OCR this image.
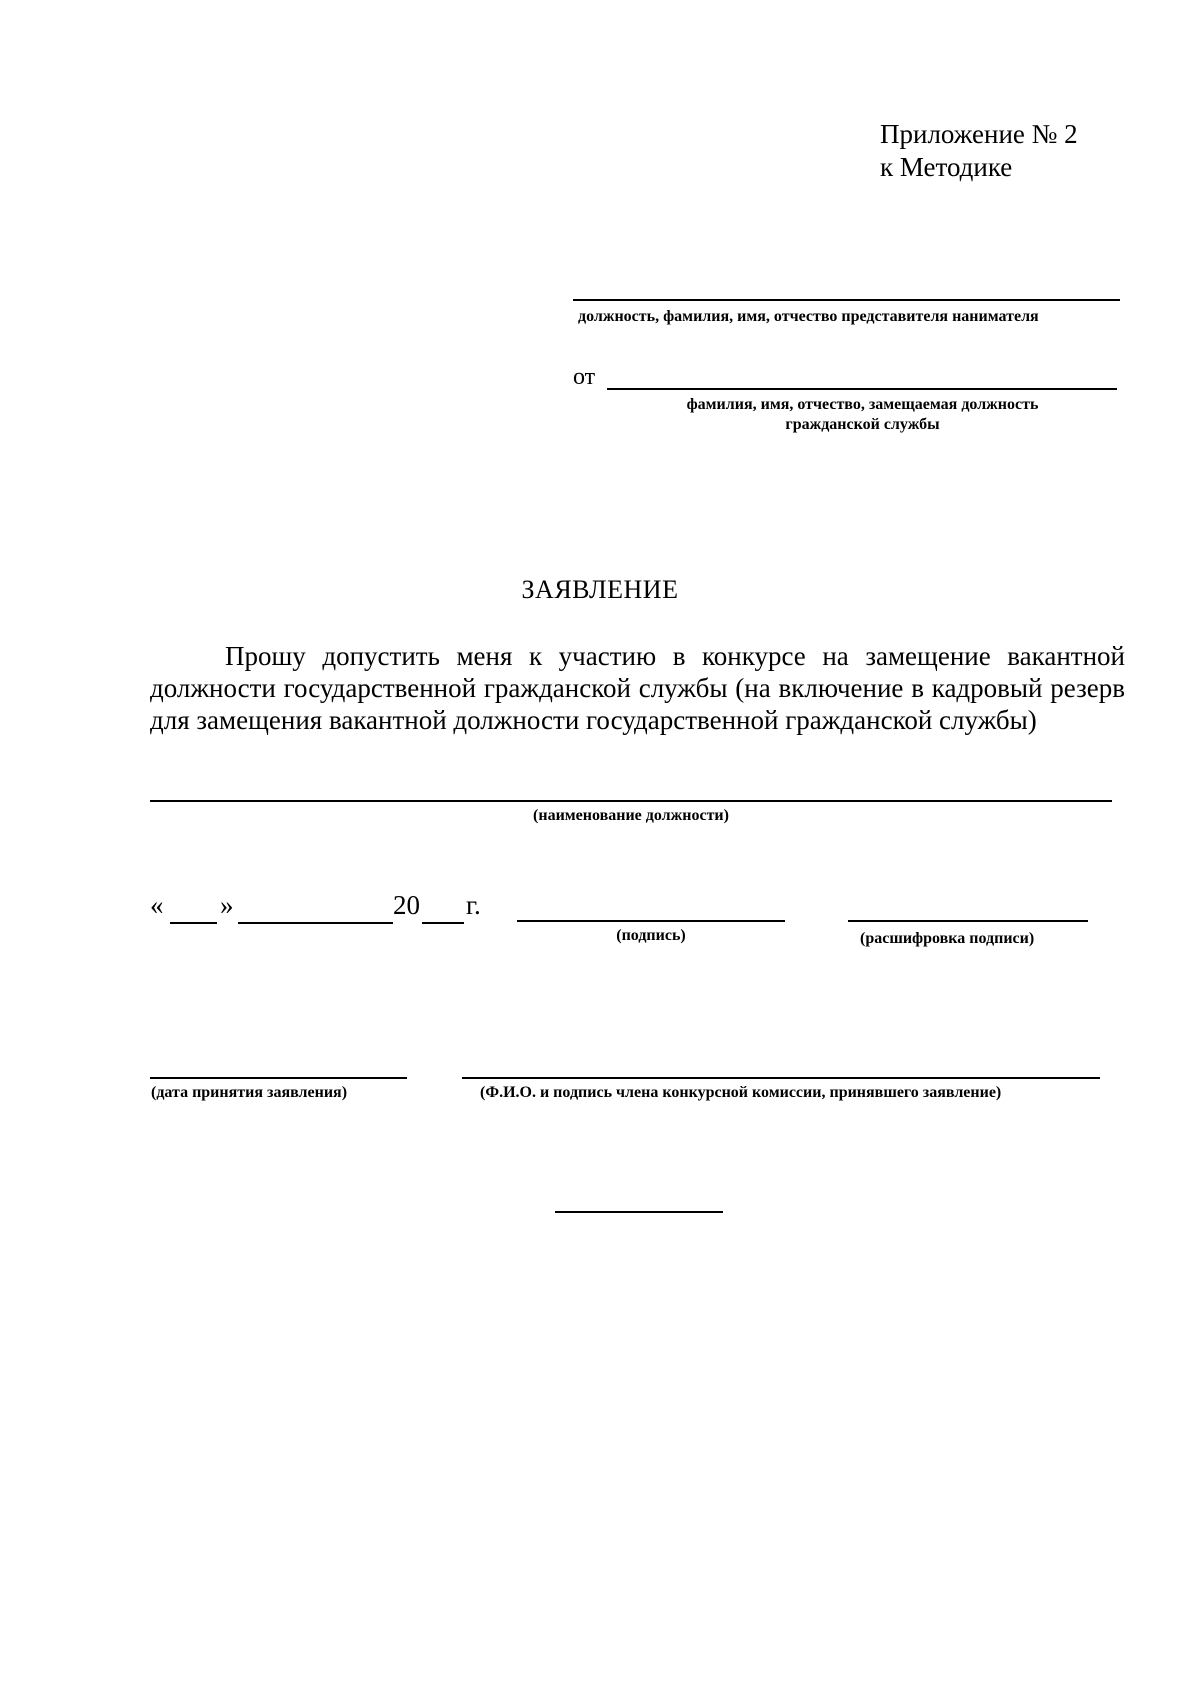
Приложение № 2
к Методике
должность, фамилия, имя, отчество представителя нанимателя
от
фамилия, имя, отчество, замещаемая должность
гражданской службы
ЗАЯВЛЕНИЕ
Прошу допустить меня к участию в конкурсе на замещение вакантной должности государственной гражданской службы (на включение в кадровый резерв для замещения вакантной должности государственной гражданской службы)
(наименование должности)
« »	20 г.
(подпись)	(расшифровка подписи)
(дата принятия заявления)	(Ф.И.О. и подпись члена конкурсной комиссии, принявшего заявление)
